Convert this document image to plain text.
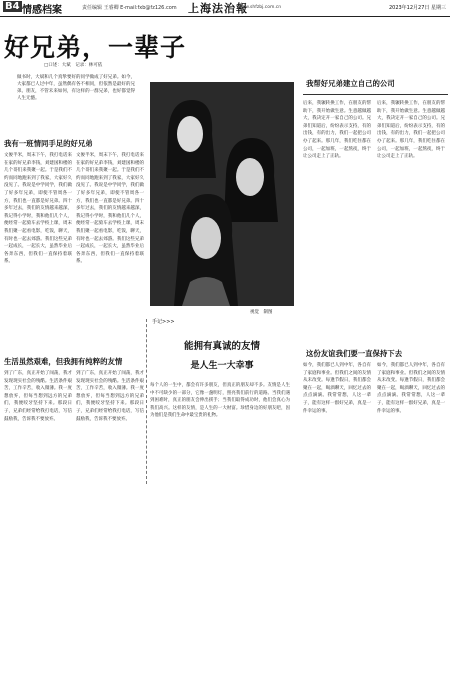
B4 情感档案	责任编辑 王睿卿 E-mail:fxb@fz126.com 上海法治報
www.shfzbj.com.cn	2023年12月27日 星期三
好兄弟，一辈子
□口述：大斌　记录：林可依
做书时，大斌和几个真挚要好的同学做成了好兄弟。如今，大家都已人过中年，虽然偶有各不相同，但依然是最好的兄弟。朋友，不管未来如何，有这样的一群兄弟，也好都觉得人生无憾。
我有一班情同手足的好兄弟
文俊半米，周末下午，我打电话来在家的好兄弟李钱，刘建国和楼的几个哥们来我聚一起。于是我们不约而同地跑来到了我家，大家好久没见了。我说是中学同学，我们做了好多年兄弟，即使不管周各一方，我们也一直都是好兄弟。四十多年过去，我们的友情越来越深，我记得小学时，我和他们几个人，便经常一起骑车去学校上课，周末我们聚一起看电影，吃饭，聊天，有时也一起去郊游。我们这些兄弟一起成长，一起长大，虽然毕业后各奔东西，但我们一直保持着联系。
文俊半米，周末下午，我打电话来在家的好兄弟李钱，刘建国和楼的几个哥们来我聚一起。于是我们不约而同地跑来到了我家，大家好久没见了。我说是中学同学，我们做了好多年兄弟，即使不管周各一方，我们也一直都是好兄弟。四十多年过去，我们的友情越来越深，我记得小学时，我和他们几个人，便经常一起骑车去学校上课，周末我们聚一起看电影，吃饭，聊天，有时也一起去郊游。我们这些兄弟一起成长，一起长大，虽然毕业后各奔东西，但我们一直保持着联系。
生活虽然艰难，但我拥有纯粹的友情
到了广东，真正开始了闯荡，我才发现现实社会的残酷。生活条件艰苦，工作辛苦，收入微薄。我一度想放弃，但每当想到远方的兄弟们，我便咬牙坚持下来。那段日子，兄弟们经常给我打电话，写信鼓励我，告诉我不要放弃。
到了广东，真正开始了闯荡，我才发现现实社会的残酷。生活条件艰苦，工作辛苦，收入微薄。我一度想放弃，但每当想到远方的兄弟们，我便咬牙坚持下来。那段日子，兄弟们经常给我打电话，写信鼓励我，告诉我不要放弃。
视觉　制图
手记>>>
能拥有真诚的友情
是人生一大幸事
每个人的一生中，都会有许多朋友，但真正的朋友却不多。友情是人生中不可缺少的一部分，它像一盏明灯，照亮我们前行的道路。当我们遇到困难时，真正的朋友会伸出援手；当我们取得成功时，他们会真心为我们高兴。这样的友情，是人生的一大财富。珍惜身边的好朋友吧，因为他们是我们生命中最宝贵的礼物。
我帮好兄弟建立自己的公司
后来，我辗转换工作，在朋友的帮助下，我开始做生意。生意越做越大，我决定开一家自己的公司。兄弟们知道后，纷纷表示支持，有的出钱，有的出力，我们一起把公司办了起来。那几年，我们吃住都在公司，一起加班，一起熬夜，终于让公司走上了正轨。
后来，我辗转换工作，在朋友的帮助下，我开始做生意。生意越做越大，我决定开一家自己的公司。兄弟们知道后，纷纷表示支持，有的出钱，有的出力，我们一起把公司办了起来。那几年，我们吃住都在公司，一起加班，一起熬夜，终于让公司走上了正轨。
这份友谊我们要一直保持下去
如今，我们都已人到中年，各自有了家庭和事业。但我们之间的友情从未改变。每逢节假日，我们都会聚在一起，喝酒聊天，回忆过去的点点滴滴。我常常想，人这一辈子，能有这样一群好兄弟，真是一件幸运的事。
如今，我们都已人到中年，各自有了家庭和事业。但我们之间的友情从未改变。每逢节假日，我们都会聚在一起，喝酒聊天，回忆过去的点点滴滴。我常常想，人这一辈子，能有这样一群好兄弟，真是一件幸运的事。
